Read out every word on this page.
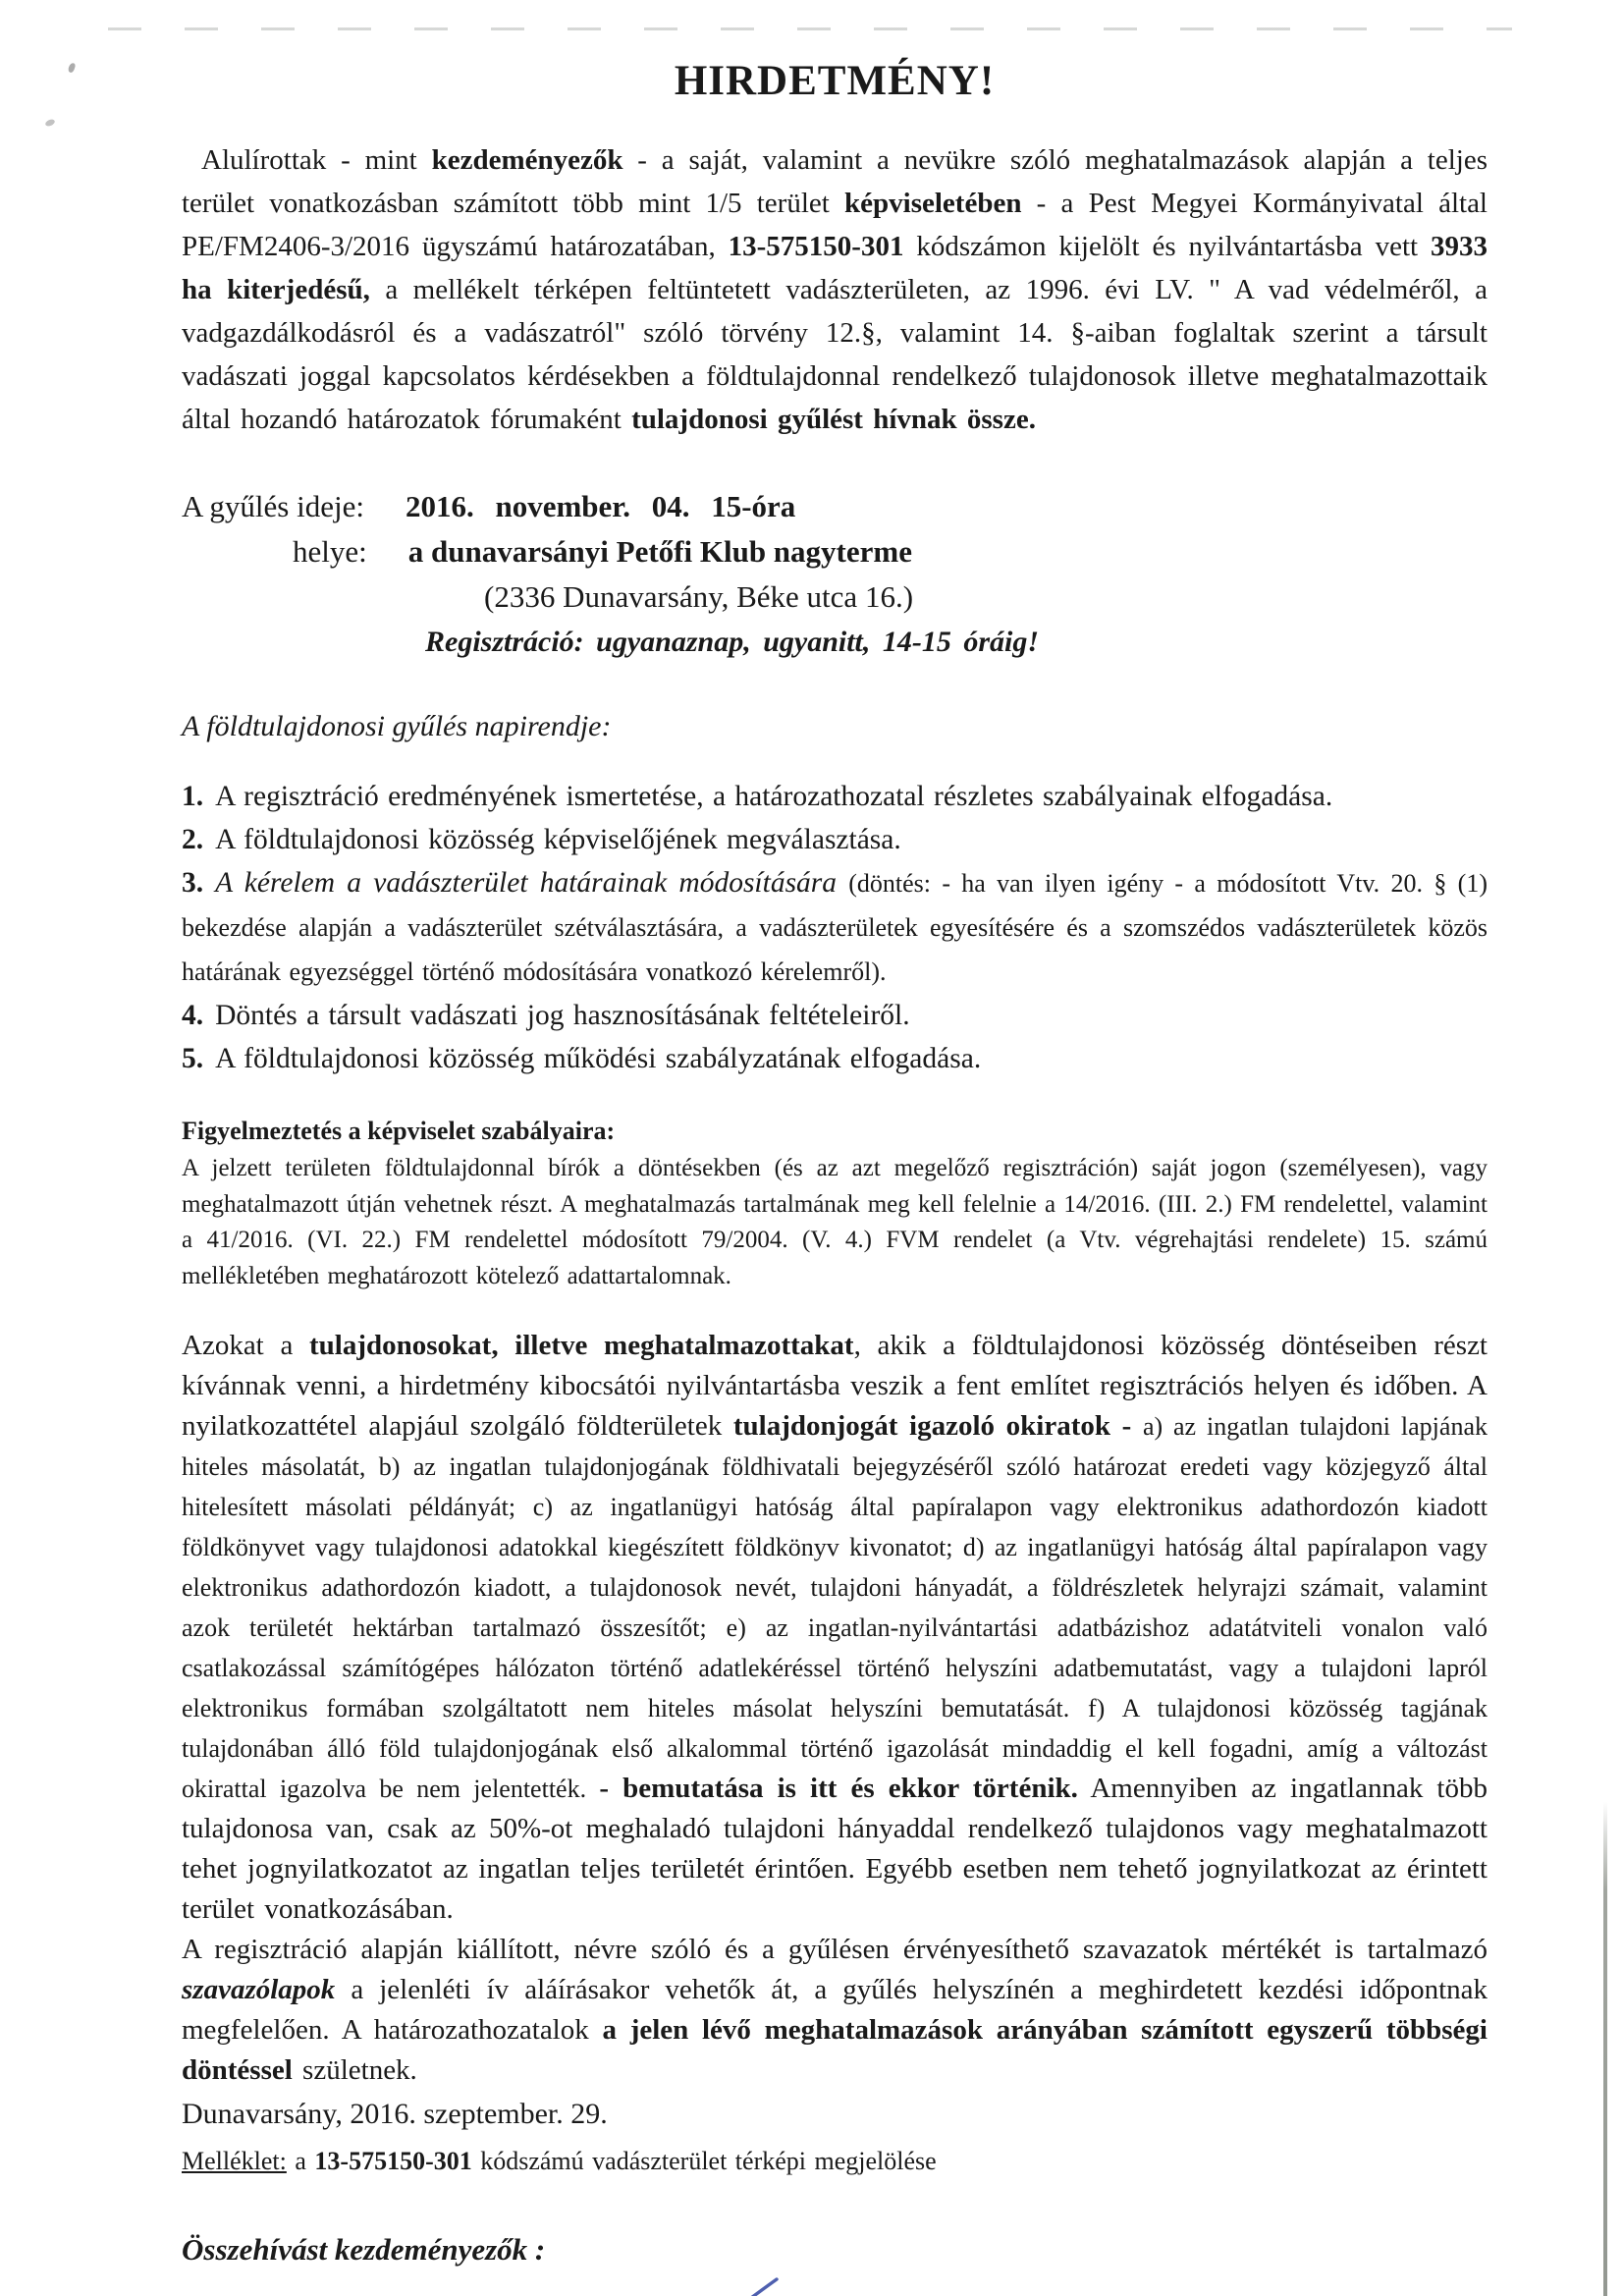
HIRDETMÉNY!

Alulírottak - mint kezdeményezők - a saját, valamint a nevükre szóló meghatalmazások alapján a teljes terület vonatkozásban számított több mint 1/5 terület képviseletében - a Pest Megyei Kormányivatal által PE/FM2406-3/2016 ügyszámú határozatában, 13-575150-301 kódszámon kijelölt és nyilvántartásba vett 3933 ha kiterjedésű, a mellékelt térképen feltüntetett vadászterületen, az 1996. évi LV. " A vad védelméről, a vadgazdálkodásról és a vadászatról" szóló törvény 12.§, valamint 14. §-aiban foglaltak szerint a társult vadászati joggal kapcsolatos kérdésekben a földtulajdonnal rendelkező tulajdonosok illetve meghatalmazottaik által hozandó határozatok fórumaként tulajdonosi gyűlést hívnak össze.

A gyűlés ideje: 2016. november. 04. 15-óra
helye: a dunavarsányi Petőfi Klub nagyterme
(2336 Dunavarsány, Béke utca 16.)
Regisztráció: ugyanaznap, ugyanitt, 14-15 óráig!

A földtulajdonosi gyűlés napirendje:

1. A regisztráció eredményének ismertetése, a határozathozatal részletes szabályainak elfogadása.

2. A földtulajdonosi közösség képviselőjének megválasztása.

3. A kérelem a vadászterület határainak módosítására (döntés: - ha van ilyen igény - a módosított Vtv. 20. § (1) bekezdése alapján a vadászterület szétválasztására, a vadászterületek egyesítésére és a szomszédos vadászterületek közös határának egyezséggel történő módosítására vonatkozó kérelemről).

4. Döntés a társult vadászati jog hasznosításának feltételeiről.

5. A földtulajdonosi közösség működési szabályzatának elfogadása.

Figyelmeztetés a képviselet szabályaira:

A jelzett területen földtulajdonnal bírók a döntésekben (és az azt megelőző regisztráción) saját jogon (személyesen), vagy meghatalmazott útján vehetnek részt. A meghatalmazás tartalmának meg kell felelnie a 14/2016. (III. 2.) FM rendelettel, valamint a 41/2016. (VI. 22.) FM rendelettel módosított 79/2004. (V. 4.) FVM rendelet (a Vtv. végrehajtási rendelete) 15. számú mellékletében meghatározott kötelező adattartalomnak.

Azokat a tulajdonosokat, illetve meghatalmazottakat, akik a földtulajdonosi közösség döntéseiben részt kívánnak venni, a hirdetmény kibocsátói nyilvántartásba veszik a fent említet regisztrációs helyen és időben. A nyilatkozattétel alapjául szolgáló földterületek tulajdonjogát igazoló okiratok - a) az ingatlan tulajdoni lapjának hiteles másolatát, b) az ingatlan tulajdonjogának földhivatali bejegyzéséről szóló határozat eredeti vagy közjegyző által hitelesített másolati példányát; c) az ingatlanügyi hatóság által papíralapon vagy elektronikus adathordozón kiadott földkönyvet vagy tulajdonosi adatokkal kiegészített földkönyv kivonatot; d) az ingatlanügyi hatóság által papíralapon vagy elektronikus adathordozón kiadott, a tulajdonosok nevét, tulajdoni hányadát, a földrészletek helyrajzi számait, valamint azok területét hektárban tartalmazó összesítőt; e) az ingatlan-nyilvántartási adatbázishoz adatátviteli vonalon való csatlakozással számítógépes hálózaton történő adatlekéréssel történő helyszíni adatbemutatást, vagy a tulajdoni lapról elektronikus formában szolgáltatott nem hiteles másolat helyszíni bemutatását. f) A tulajdonosi közösség tagjának tulajdonában álló föld tulajdonjogának első alkalommal történő igazolását mindaddig el kell fogadni, amíg a változást okirattal igazolva be nem jelentették. - bemutatása is itt és ekkor történik. Amennyiben az ingatlannak több tulajdonosa van, csak az 50%-ot meghaladó tulajdoni hányaddal rendelkező tulajdonos vagy meghatalmazott tehet jognyilatkozatot az ingatlan teljes területét érintően. Egyébb esetben nem tehető jognyilatkozat az érintett terület vonatkozásában.

A regisztráció alapján kiállított, névre szóló és a gyűlésen érvényesíthető szavazatok mértékét is tartalmazó szavazólapok a jelenléti ív aláírásakor vehetők át, a gyűlés helyszínén a meghirdetett kezdési időpontnak megfelelően. A határozathozatalok a jelen lévő meghatalmazások arányában számított egyszerű többségi döntéssel születnek.

Dunavarsány, 2016. szeptember. 29.

Melléklet: a 13-575150-301 kódszámú vadászterület térképi megjelölése

Összehívást kezdeményezők :
